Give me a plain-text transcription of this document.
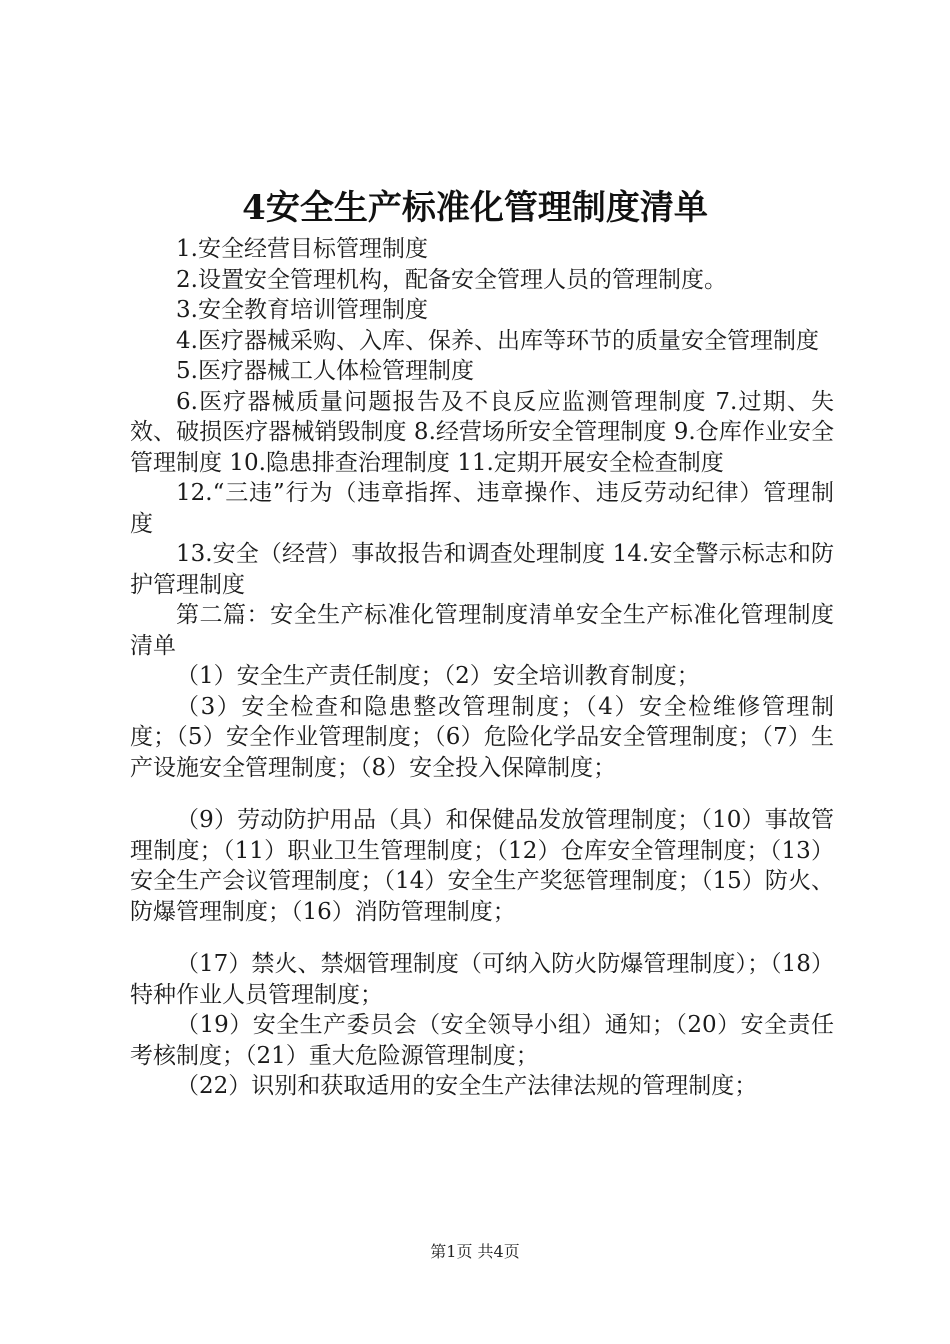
4安全生产标准化管理制度清单

1.安全经营目标管理制度

2.设置安全管理机构，配备安全管理人员的管理制度。

3.安全教育培训管理制度

4.医疗器械采购、入库、保养、出库等环节的质量安全管理制度

5.医疗器械工人体检管理制度

6.医疗器械质量问题报告及不良反应监测管理制度 7.过期、失效、破损医疗器械销毁制度 8.经营场所安全管理制度 9.仓库作业安全管理制度 10.隐患排查治理制度 11.定期开展安全检查制度

12.“三违”行为（违章指挥、违章操作、违反劳动纪律）管理制度

13.安全（经营）事故报告和调查处理制度 14.安全警示标志和防护管理制度

第二篇：安全生产标准化管理制度清单安全生产标准化管理制度清单

（1）安全生产责任制度；（2）安全培训教育制度；

（3）安全检查和隐患整改管理制度；（4）安全检维修管理制度；（5）安全作业管理制度；（6）危险化学品安全管理制度；（7）生产设施安全管理制度；（8）安全投入保障制度；

（9）劳动防护用品（具）和保健品发放管理制度；（10）事故管理制度；（11）职业卫生管理制度；（12）仓库安全管理制度；（13）安全生产会议管理制度；（14）安全生产奖惩管理制度；（15）防火、防爆管理制度；（16）消防管理制度；

（17）禁火、禁烟管理制度（可纳入防火防爆管理制度）；（18）特种作业人员管理制度；

（19）安全生产委员会（安全领导小组）通知；（20）安全责任考核制度；（21）重大危险源管理制度；

（22）识别和获取适用的安全生产法律法规的管理制度；

第1页 共4页
